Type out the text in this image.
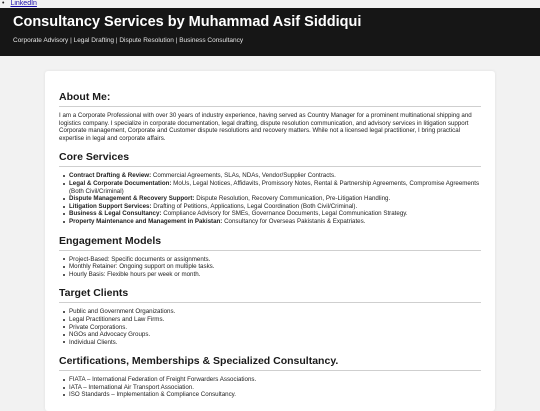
• LinkedIn
Consultancy Services by Muhammad Asif Siddiqui

Corporate Advisory | Legal Drafting | Dispute Resolution | Business Consultancy

About Me:

I am a Corporate Professional with over 30 years of industry experience, having served as Country Manager for a prominent multinational shipping and logistics company. I specialize in corporate documentation, legal drafting, dispute resolution communication, and advisory services in litigation support Corporate management, Corporate and Customer dispute resolutions and recovery matters. While not a licensed legal practitioner, I bring practical expertise in legal and corporate affairs.

Core Services
Contract Drafting & Review: Commercial Agreements, SLAs, NDAs, Vendor/Supplier Contracts.
Legal & Corporate Documentation: MoUs, Legal Notices, Affidavits, Promissory Notes, Rental & Partnership Agreements, Compromise Agreements (Both Civil/Criminal)
Dispute Management & Recovery Support: Dispute Resolution, Recovery Communication, Pre-Litigation Handling.
Litigation Support Services: Drafting of Petitions, Applications, Legal Coordination (Both Civil/Criminal).
Business & Legal Consultancy: Compliance Advisory for SMEs, Governance Documents, Legal Communication Strategy.
Property Maintenance and Management in Pakistan: Consultancy for Overseas Pakistanis & Expatriates.
Engagement Models
Project-Based: Specific documents or assignments.
Monthly Retainer: Ongoing support on multiple tasks.
Hourly Basis: Flexible hours per week or month.
Target Clients
Public and Government Organizations.
Legal Practitioners and Law Firms.
Private Corporations.
NGOs and Advocacy Groups.
Individual Clients.
Certifications, Memberships & Specialized Consultancy.
FIATA – International Federation of Freight Forwarders Associations.
IATA – International Air Transport Association.
ISO Standards – Implementation & Compliance Consultancy.
